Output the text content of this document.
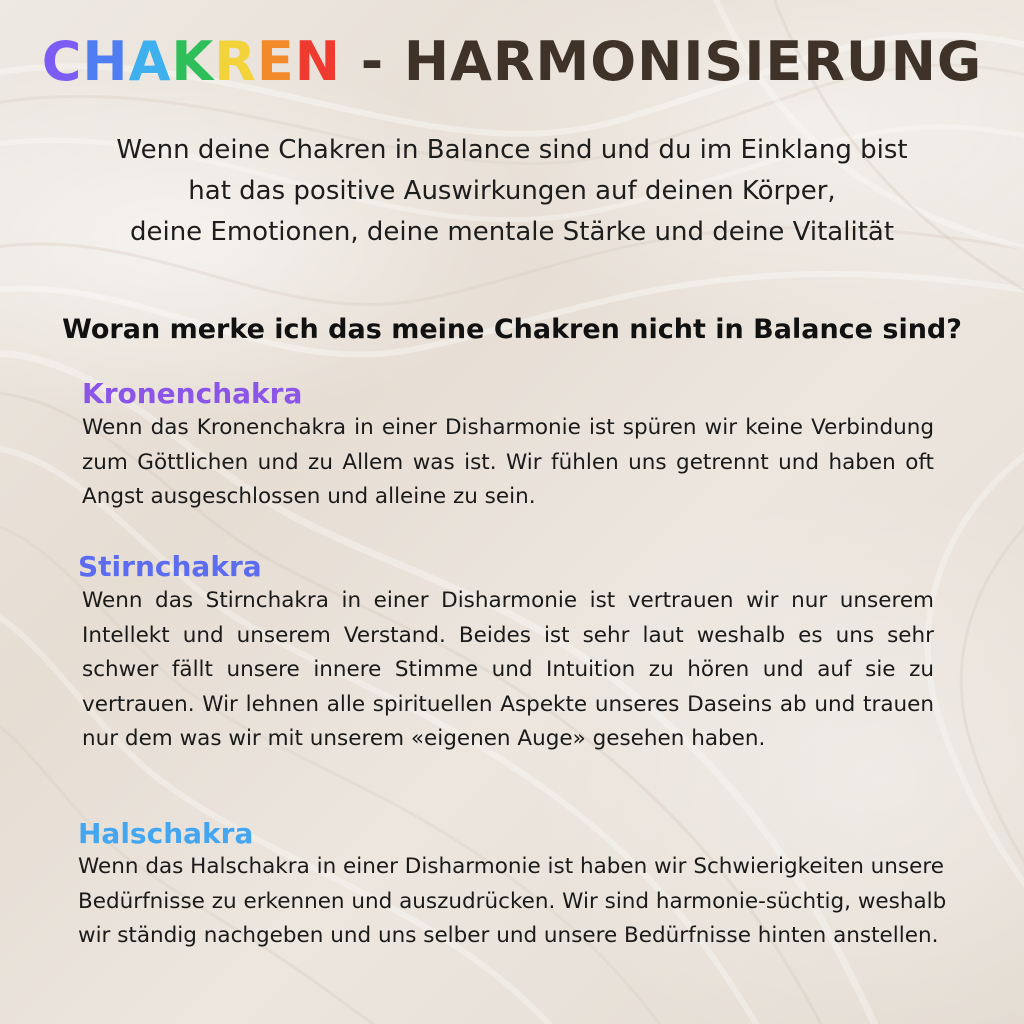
CHAKREN - HARMONISIERUNG
Wenn deine Chakren in Balance sind und du im Einklang bist
hat das positive Auswirkungen auf deinen Körper,
deine Emotionen, deine mentale Stärke und deine Vitalität
Woran merke ich das meine Chakren nicht in Balance sind?
Kronenchakra
Wenn das Kronenchakra in einer Disharmonie ist spüren wir keine Verbindung zum Göttlichen und zu Allem was ist. Wir fühlen uns getrennt und haben oft Angst ausgeschlossen und alleine zu sein.
Stirnchakra
Wenn das Stirnchakra in einer Disharmonie ist vertrauen wir nur unserem Intellekt und unserem Verstand. Beides ist sehr laut weshalb es uns sehr schwer fällt unsere innere Stimme und Intuition zu hören und auf sie zu vertrauen. Wir lehnen alle spirituellen Aspekte unseres Daseins ab und trauen nur dem was wir mit unserem «eigenen Auge» gesehen haben.
Halschakra
Wenn das Halschakra in einer Disharmonie ist haben wir Schwierigkeiten unsere Bedürfnisse zu erkennen und auszudrücken. Wir sind harmonie-süchtig, weshalb wir ständig nachgeben und uns selber und unsere Bedürfnisse hinten anstellen.
